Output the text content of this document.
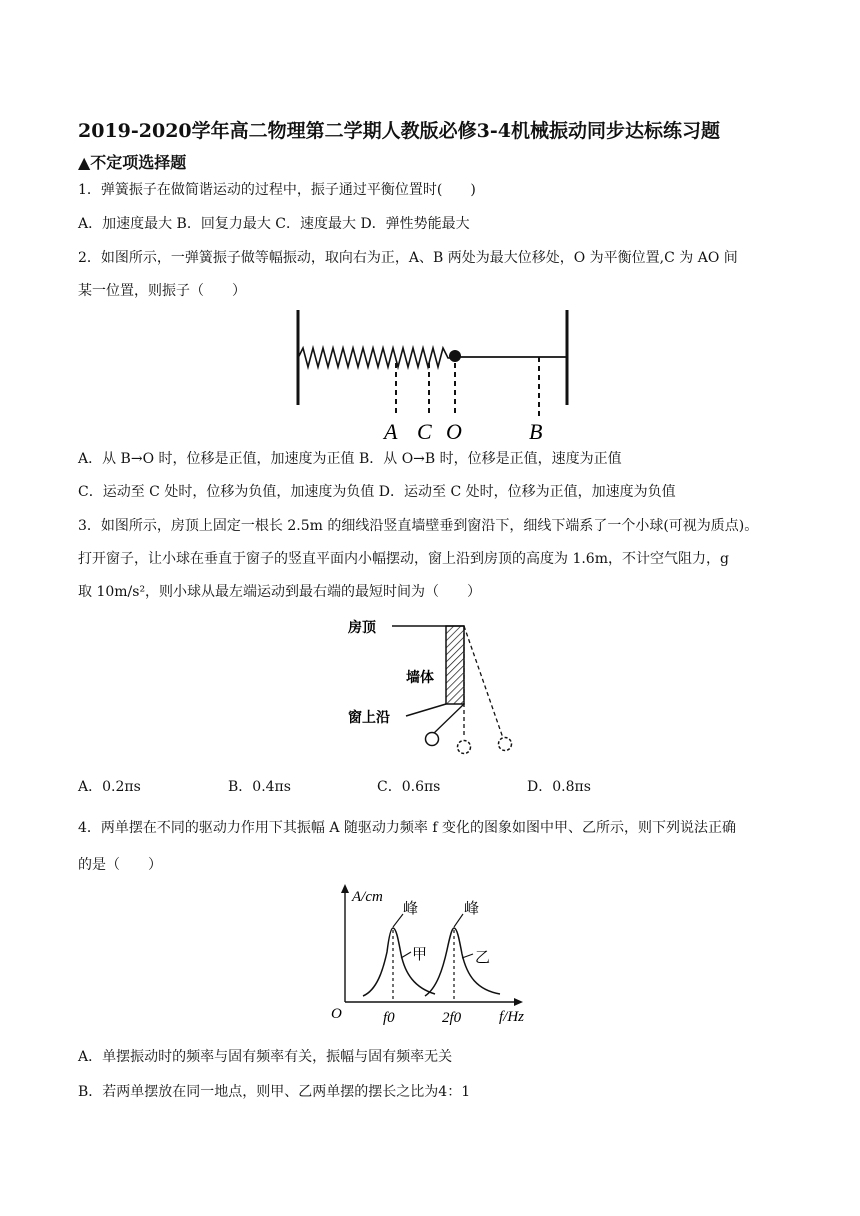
2019-2020学年高二物理第二学期人教版必修3-4机械振动同步达标练习题
▲不定项选择题
1．弹簧振子在做简谐运动的过程中，振子通过平衡位置时(　　)
A．加速度最大 B．回复力最大 C．速度最大 D．弹性势能最大
2．如图所示，一弹簧振子做等幅振动，取向右为正，A、B 两处为最大位移处，O 为平衡位置,C 为 AO 间
某一位置，则振子（　　）
A C O	B
A．从 B→O 时，位移是正值，加速度为正值 B．从 O→B 时，位移是正值，速度为正值
C．运动至 C 处时，位移为负值，加速度为负值 D．运动至 C 处时，位移为正值，加速度为负值
3．如图所示，房顶上固定一根长 2.5m 的细线沿竖直墙壁垂到窗沿下，细线下端系了一个小球(可视为质点)。
打开窗子，让小球在垂直于窗子的竖直平面内小幅摆动，窗上沿到房顶的高度为 1.6m，不计空气阻力，g
取 10m/s²，则小球从最左端运动到最右端的最短时间为（　　）
房顶
墙体
窗上沿
A．0.2πs	B．0.4πs	C．0.6πs	D．0.8πs
4．两单摆在不同的驱动力作用下其振幅 A 随驱动力频率 f 变化的图象如图中甲、乙所示，则下列说法正确
的是（　　）
A/cm
f/Hz
O
峰	峰
甲	乙
f0	2f0
A．单摆振动时的频率与固有频率有关，振幅与固有频率无关
B．若两单摆放在同一地点，则甲、乙两单摆的摆长之比为4：1
